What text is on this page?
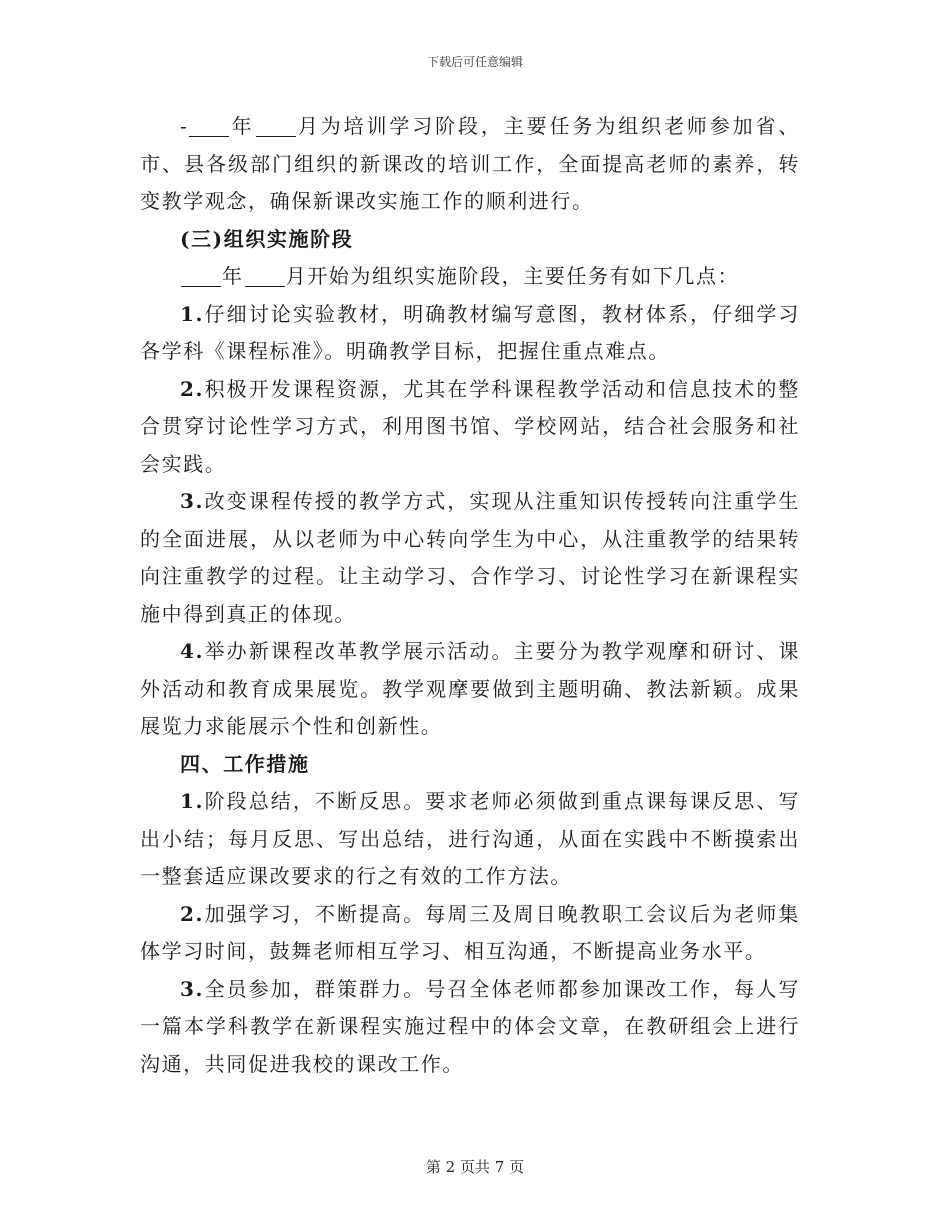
下载后可任意编辑

- 年 月为培训学习阶段，主要任务为组织老师参加省、市、县各级部门组织的新课改的培训工作，全面提高老师的素养，转变教学观念，确保新课改实施工作的顺利进行。

(三)组织实施阶段

年 月开始为组织实施阶段，主要任务有如下几点：

1.仔细讨论实验教材，明确教材编写意图，教材体系，仔细学习各学科《课程标准》。明确教学目标，把握住重点难点。

2.积极开发课程资源，尤其在学科课程教学活动和信息技术的整合贯穿讨论性学习方式，利用图书馆、学校网站，结合社会服务和社会实践。

3.改变课程传授的教学方式，实现从注重知识传授转向注重学生的全面进展，从以老师为中心转向学生为中心，从注重教学的结果转向注重教学的过程。让主动学习、合作学习、讨论性学习在新课程实施中得到真正的体现。

4.举办新课程改革教学展示活动。主要分为教学观摩和研讨、课外活动和教育成果展览。教学观摩要做到主题明确、教法新颖。成果展览力求能展示个性和创新性。

四、工作措施

1.阶段总结，不断反思。要求老师必须做到重点课每课反思、写出小结；每月反思、写出总结，进行沟通，从面在实践中不断摸索出一整套适应课改要求的行之有效的工作方法。

2.加强学习，不断提高。每周三及周日晚教职工会议后为老师集体学习时间，鼓舞老师相互学习、相互沟通，不断提高业务水平。

3.全员参加，群策群力。号召全体老师都参加课改工作，每人写一篇本学科教学在新课程实施过程中的体会文章，在教研组会上进行沟通，共同促进我校的课改工作。

第 2 页共 7 页
